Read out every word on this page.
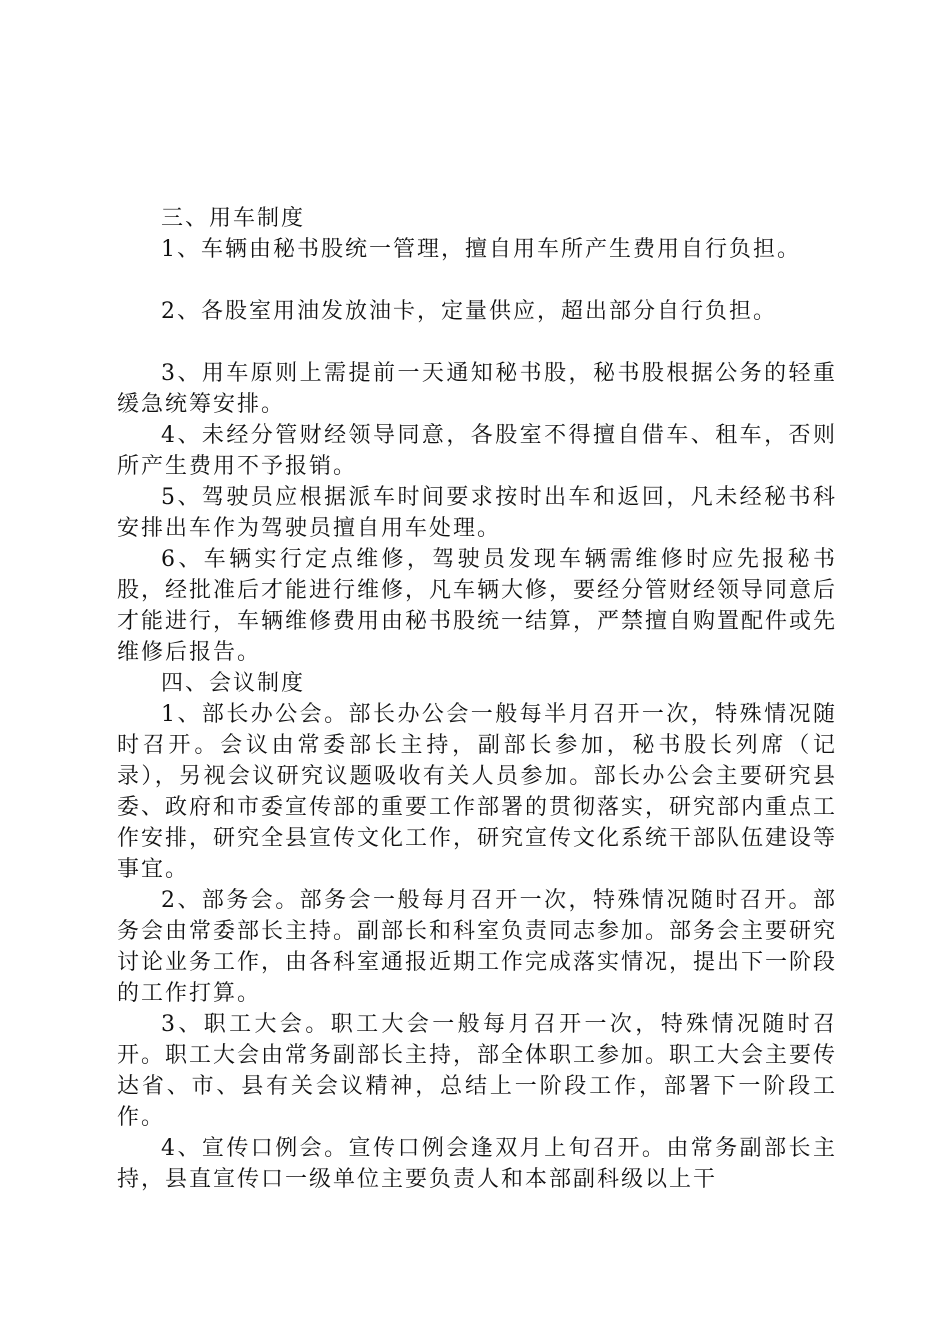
三、用车制度

1、车辆由秘书股统一管理，擅自用车所产生费用自行负担。

2、各股室用油发放油卡，定量供应，超出部分自行负担。

3、用车原则上需提前一天通知秘书股，秘书股根据公务的轻重缓急统筹安排。

4、未经分管财经领导同意，各股室不得擅自借车、租车，否则所产生费用不予报销。

5、驾驶员应根据派车时间要求按时出车和返回，凡未经秘书科安排出车作为驾驶员擅自用车处理。

6、车辆实行定点维修，驾驶员发现车辆需维修时应先报秘书股，经批准后才能进行维修，凡车辆大修，要经分管财经领导同意后才能进行，车辆维修费用由秘书股统一结算，严禁擅自购置配件或先维修后报告。

四、会议制度

1、部长办公会。部长办公会一般每半月召开一次，特殊情况随时召开。会议由常委部长主持，副部长参加，秘书股长列席（记录），另视会议研究议题吸收有关人员参加。部长办公会主要研究县委、政府和市委宣传部的重要工作部署的贯彻落实，研究部内重点工作安排，研究全县宣传文化工作，研究宣传文化系统干部队伍建设等事宜。

2、部务会。部务会一般每月召开一次，特殊情况随时召开。部务会由常委部长主持。副部长和科室负责同志参加。部务会主要研究讨论业务工作，由各科室通报近期工作完成落实情况，提出下一阶段的工作打算。

3、职工大会。职工大会一般每月召开一次，特殊情况随时召开。职工大会由常务副部长主持，部全体职工参加。职工大会主要传达省、市、县有关会议精神，总结上一阶段工作，部署下一阶段工作。

4、宣传口例会。宣传口例会逢双月上旬召开。由常务副部长主持，县直宣传口一级单位主要负责人和本部副科级以上干
